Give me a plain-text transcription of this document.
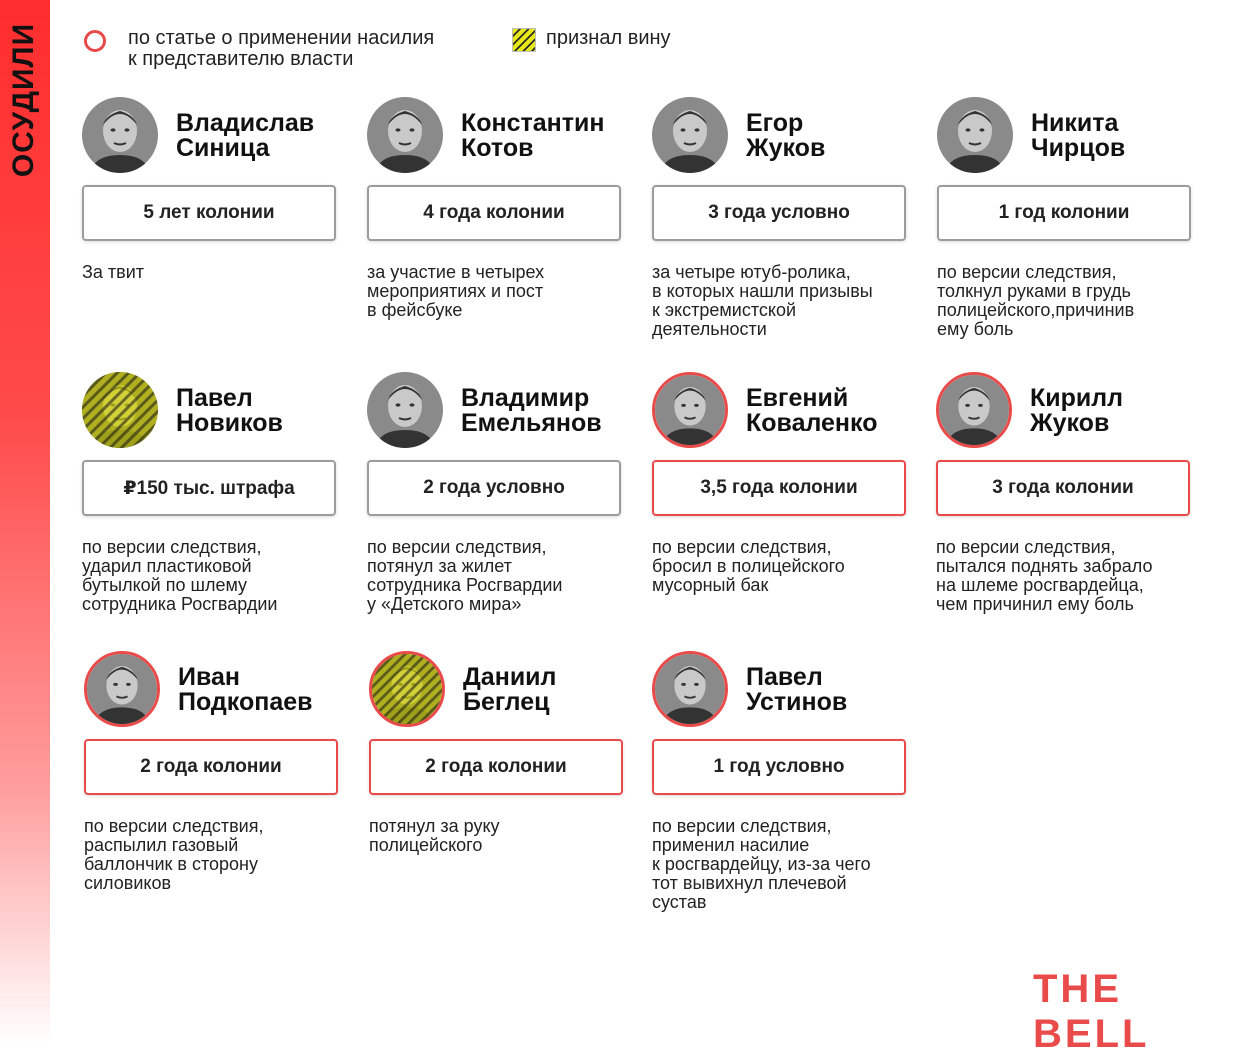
ОСУДИЛИ	по статье о применении насилия
к представителю власти
признал вину
Владислав
Синица
5 лет колонии
За твит
Константин
Котов
4 года колонии
за участие в четырех
мероприятиях и пост
в фейсбуке
Егор
Жуков
3 года условно
за четыре ютуб-ролика,
в которых нашли призывы
к экстремистской
деятельности
Никита
Чирцов
1 год колонии
по версии следствия,
толкнул руками в грудь
полицейского,причинив
ему боль
Павел
Новиков
₽150 тыс. штрафа
по версии следствия,
ударил пластиковой
бутылкой по шлему
сотрудника Росгвардии
Владимир
Емельянов
2 года условно
по версии следствия,
потянул за жилет
сотрудника Росгвардии
у «Детского мира»
Евгений
Коваленко
3,5 года колонии
по версии следствия,
бросил в полицейского
мусорный бак
Кирилл
Жуков
3 года колонии
по версии следствия,
пытался поднять забрало
на шлеме росгвардейца,
чем причинил ему боль
Иван
Подкопаев
2 года колонии
по версии следствия,
распылил газовый
баллончик в сторону
силовиков
Даниил
Беглец
2 года колонии
потянул за руку
полицейского
Павел
Устинов
1 год условно
по версии следствия,
применил насилие
к росгвардейцу, из-за чего
тот вывихнул плечевой
сустав
THE BELL
